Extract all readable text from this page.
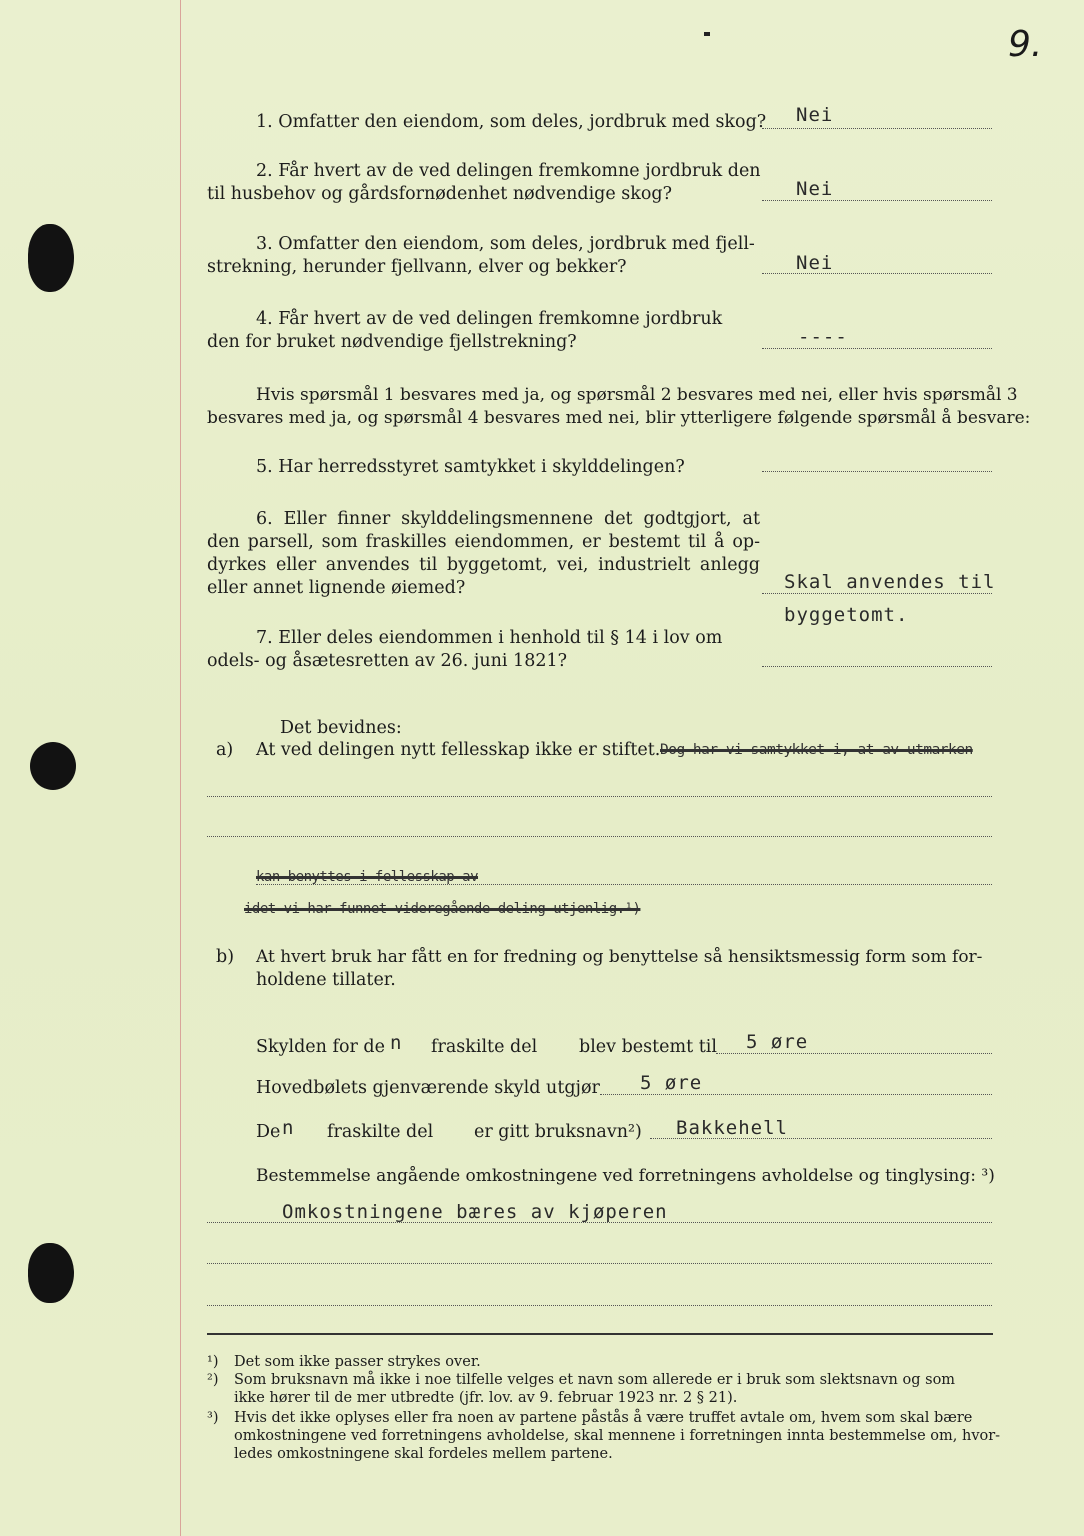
9.
1. Omfatter den eiendom, som deles, jordbruk med skog? Nei
2. Får hvert av de ved delingen fremkomne jordbruk den
til husbehov og gårdsfornødenhet nødvendige skog?	Nei
3. Omfatter den eiendom, som deles, jordbruk med fjell-
strekning, herunder fjellvann, elver og bekker?	Nei
4. Får hvert av de ved delingen fremkomne jordbruk
den for bruket nødvendige fjellstrekning?	----
Hvis spørsmål 1 besvares med ja, og spørsmål 2 besvares med nei, eller hvis spørsmål 3
besvares med ja, og spørsmål 4 besvares med nei, blir ytterligere følgende spørsmål å besvare:
5. Har herredsstyret samtykket i skylddelingen?
6. Eller finner skylddelingsmennene det godtgjort, at
den parsell, som fraskilles eiendommen, er bestemt til å op-
dyrkes eller anvendes til byggetomt, vei, industrielt anlegg
eller annet lignende øiemed?	Skal anvendes til
byggetomt.
7. Eller deles eiendommen i henhold til § 14 i lov om
odels- og åsætesretten av 26. juni 1821?
Det bevidnes:
a) At ved delingen nytt fellesskap ikke er stiftet. Dog har vi samtykket i, at av utmarken
kan benyttes i fellesskap av
idet vi har funnet videregående deling utjenlig.¹)
b) At hvert bruk har fått en for fredning og benyttelse så hensiktsmessig form som for-
holdene tillater.
Skylden for de n fraskilte del blev bestemt til 5 øre
Hovedbølets gjenværende skyld utgjør 5 øre
De n fraskilte del er gitt bruksnavn²) Bakkehell
Bestemmelse angående omkostningene ved forretningens avholdelse og tinglysing: ³)
Omkostningene bæres av kjøperen
¹) Det som ikke passer strykes over.
²) Som bruksnavn må ikke i noe tilfelle velges et navn som allerede er i bruk som slektsnavn og som
ikke hører til de mer utbredte (jfr. lov. av 9. februar 1923 nr. 2 § 21).
³) Hvis det ikke oplyses eller fra noen av partene påstås å være truffet avtale om, hvem som skal bære
omkostningene ved forretningens avholdelse, skal mennene i forretningen innta bestemmelse om, hvor-
ledes omkostningene skal fordeles mellem partene.
